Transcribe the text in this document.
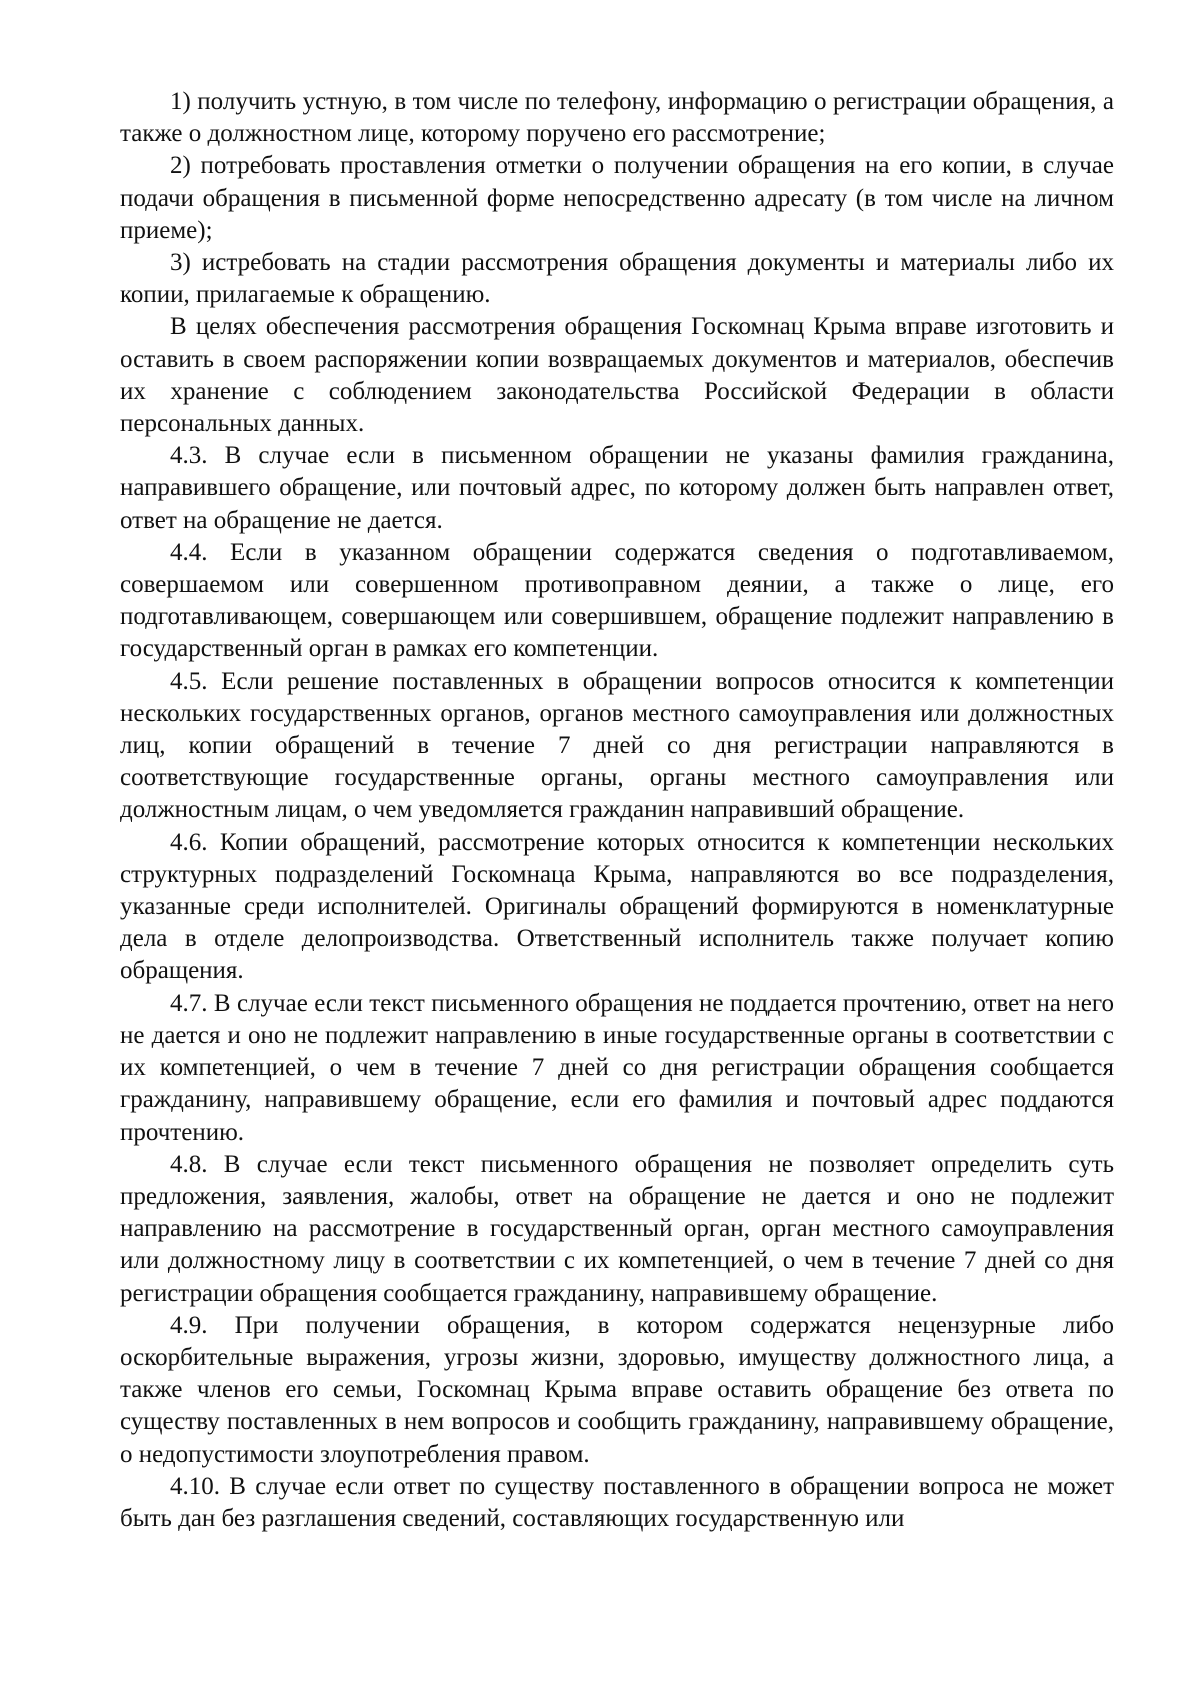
1) получить устную, в том числе по телефону, информацию о регистрации обращения, а также о должностном лице, которому поручено его рассмотрение;

2) потребовать проставления отметки о получении обращения на его копии, в случае подачи обращения в письменной форме непосредственно адресату (в том числе на личном приеме);

3) истребовать на стадии рассмотрения обращения документы и материалы либо их копии, прилагаемые к обращению.

В целях обеспечения рассмотрения обращения Госкомнац Крыма вправе изготовить и оставить в своем распоряжении копии возвращаемых документов и материалов, обеспечив их хранение с соблюдением законодательства Российской Федерации в области персональных данных.

4.3. В случае если в письменном обращении не указаны фамилия гражданина, направившего обращение, или почтовый адрес, по которому должен быть направлен ответ, ответ на обращение не дается.

4.4. Если в указанном обращении содержатся сведения о подготавливаемом, совершаемом или совершенном противоправном деянии, а также о лице, его подготавливающем, совершающем или совершившем, обращение подлежит направлению в государственный орган в рамках его компетенции.

4.5. Если решение поставленных в обращении вопросов относится к компетенции нескольких государственных органов, органов местного самоуправления или должностных лиц, копии обращений в течение 7 дней со дня регистрации направляются в соответствующие государственные органы, органы местного самоуправления или должностным лицам, о чем уведомляется гражданин направивший обращение.

4.6. Копии обращений, рассмотрение которых относится к компетенции нескольких структурных подразделений Госкомнаца Крыма, направляются во все подразделения, указанные среди исполнителей. Оригиналы обращений формируются в номенклатурные дела в отделе делопроизводства. Ответственный исполнитель также получает копию обращения.

4.7. В случае если текст письменного обращения не поддается прочтению, ответ на него не дается и оно не подлежит направлению в иные государственные органы в соответствии с их компетенцией, о чем в течение 7 дней со дня регистрации обращения сообщается гражданину, направившему обращение, если его фамилия и почтовый адрес поддаются прочтению.

4.8. В случае если текст письменного обращения не позволяет определить суть предложения, заявления, жалобы, ответ на обращение не дается и оно не подлежит направлению на рассмотрение в государственный орган, орган местного самоуправления или должностному лицу в соответствии с их компетенцией, о чем в течение 7 дней со дня регистрации обращения сообщается гражданину, направившему обращение.

4.9. При получении обращения, в котором содержатся нецензурные либо оскорбительные выражения, угрозы жизни, здоровью, имуществу должностного лица, а также членов его семьи, Госкомнац Крыма вправе оставить обращение без ответа по существу поставленных в нем вопросов и сообщить гражданину, направившему обращение, о недопустимости злоупотребления правом.

4.10. В случае если ответ по существу поставленного в обращении вопроса не может быть дан без разглашения сведений, составляющих государственную или
